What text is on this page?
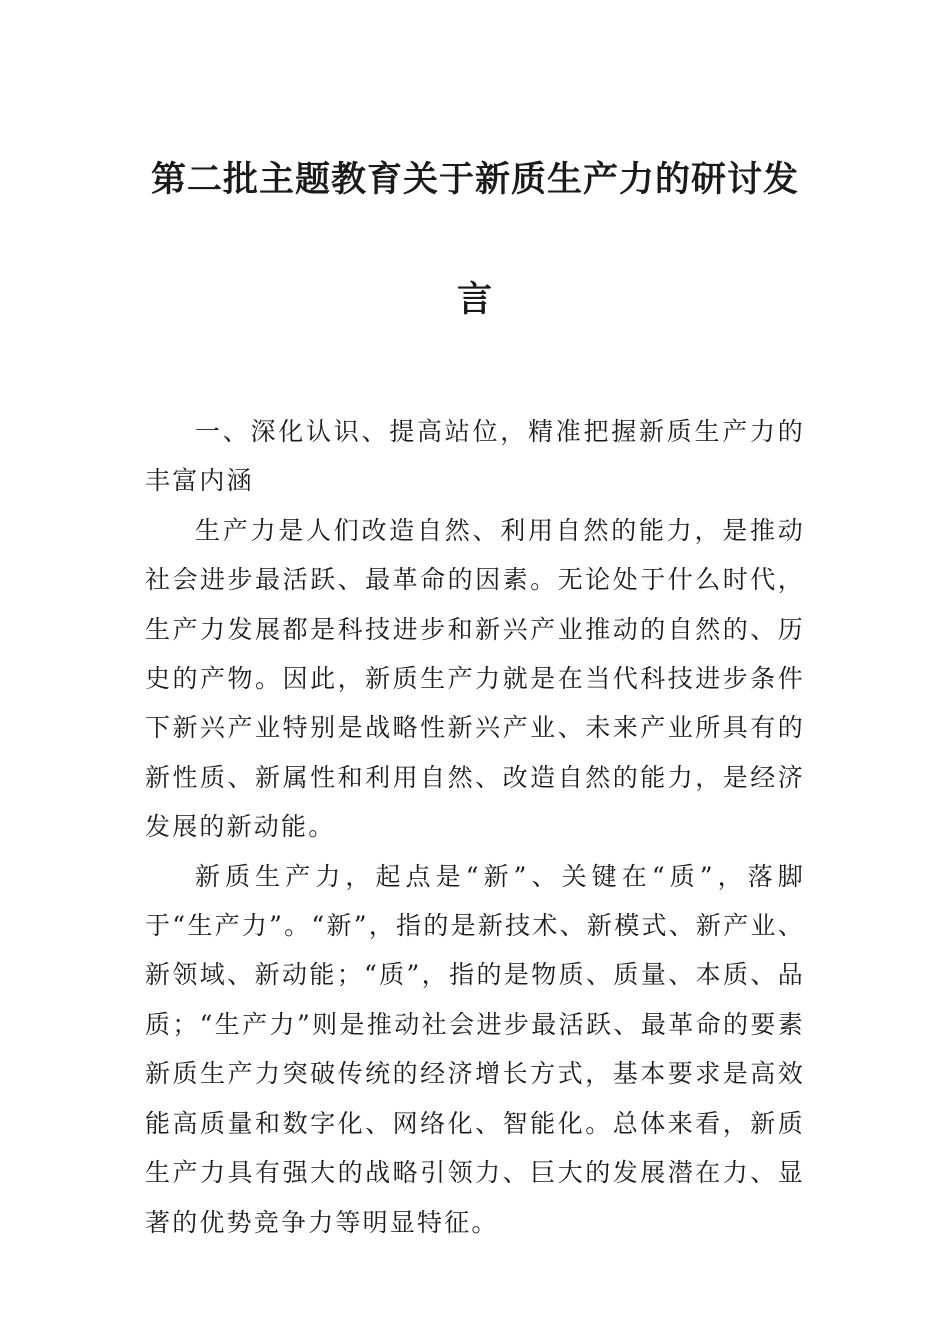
第二批主题教育关于新质生产力的研讨发
言

一、深化认识、提高站位，精准把握新质生产力的丰富内涵

生产力是人们改造自然、利用自然的能力，是推动社会进步最活跃、最革命的因素。无论处于什么时代，生产力发展都是科技进步和新兴产业推动的自然的、历史的产物。因此，新质生产力就是在当代科技进步条件下新兴产业特别是战略性新兴产业、未来产业所具有的新性质、新属性和利用自然、改造自然的能力，是经济发展的新动能。

新质生产力，起点是“新”、关键在“质”，落脚于“生产力”。“新”，指的是新技术、新模式、新产业、新领域、新动能；“质”，指的是物质、质量、本质、品质；“生产力”则是推动社会进步最活跃、最革命的要素新质生产力突破传统的经济增长方式，基本要求是高效能高质量和数字化、网络化、智能化。总体来看，新质生产力具有强大的战略引领力、巨大的发展潜在力、显著的优势竞争力等明显特征。
